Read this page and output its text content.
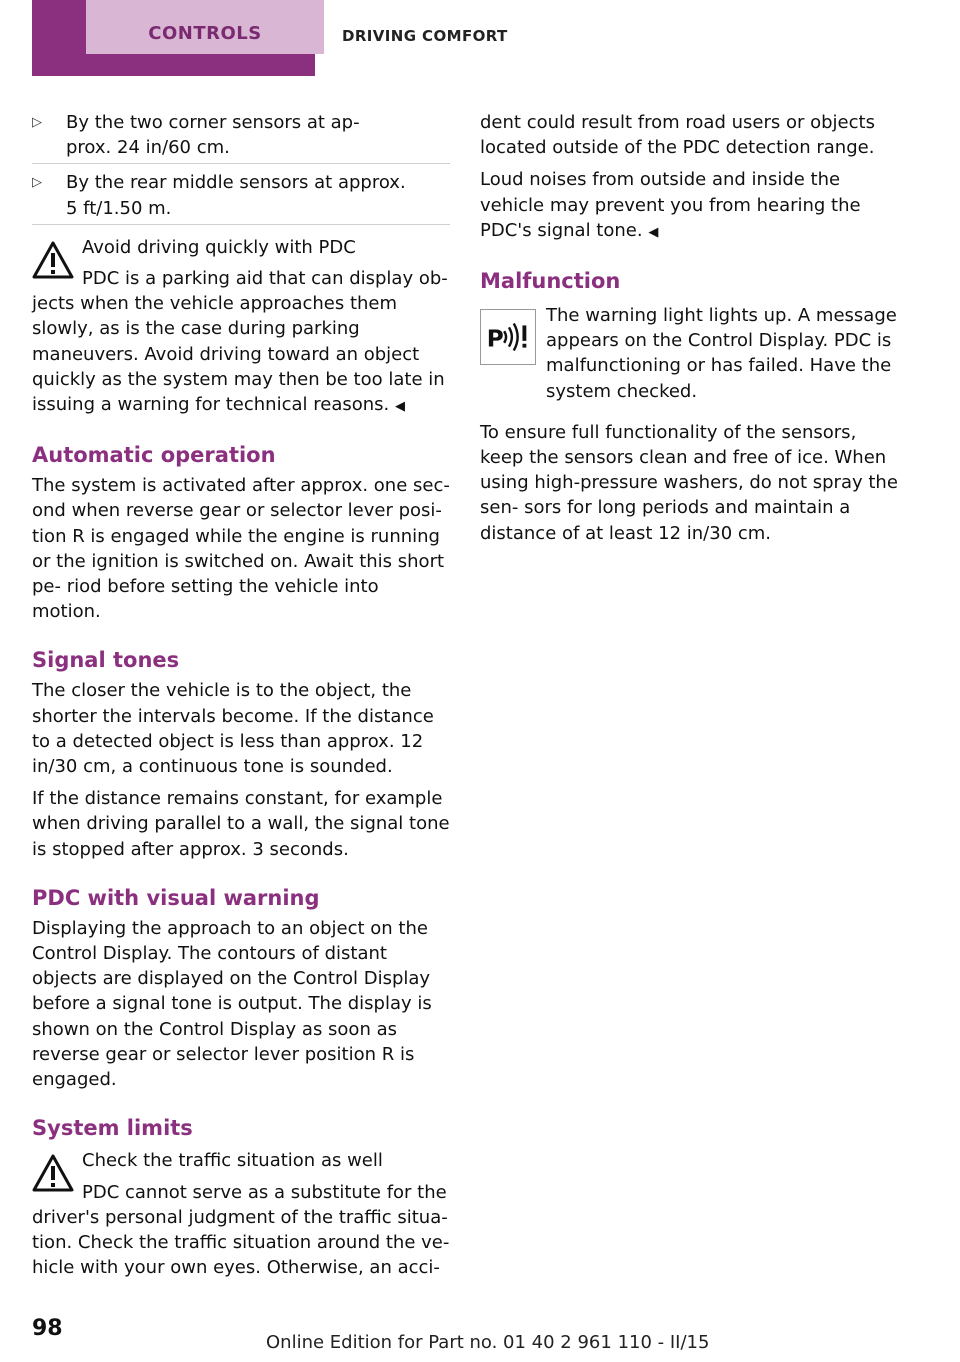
CONTROLS	DRIVING COMFORT
▷ By the two corner sensors at ap‐
prox. 24 in/60 cm.
▷ By the rear middle sensors at approx.
5 ft/1.50 m.
Avoid driving quickly with PDC
PDC is a parking aid that can display ob‐
jects when the vehicle approaches them slowly, as is the case during parking maneuvers. Avoid driving toward an object quickly as the system may then be too late in issuing a warning for technical reasons. ◀
Automatic operation

The system is activated after approx. one sec‐ ond when reverse gear or selector lever posi‐ tion R is engaged while the engine is running or the ignition is switched on. Await this short pe‐ riod before setting the vehicle into motion.

Signal tones

The closer the vehicle is to the object, the shorter the intervals become. If the distance to a detected object is less than approx. 12 in/30 cm, a continuous tone is sounded.

If the distance remains constant, for example when driving parallel to a wall, the signal tone is stopped after approx. 3 seconds.

PDC with visual warning

Displaying the approach to an object on the Control Display. The contours of distant objects are displayed on the Control Display before a signal tone is output. The display is shown on the Control Display as soon as reverse gear or selector lever position R is engaged.

System limits
Check the traffic situation as well
PDC cannot serve as a substitute for the
driver's personal judgment of the traffic situa‐ tion. Check the traffic situation around the ve‐ hicle with your own eyes. Otherwise, an acci‐

dent could result from road users or objects located outside of the PDC detection range.

Loud noises from outside and inside the vehicle may prevent you from hearing the PDC's signal tone. ◀

Malfunction
P
The warning light lights up. A message appears on the Control Display. PDC is malfunctioning or has failed. Have the system checked.

To ensure full functionality of the sensors, keep the sensors clean and free of ice. When using high-pressure washers, do not spray the sen‐ sors for long periods and maintain a distance of at least 12 in/30 cm.

98
Online Edition for Part no. 01 40 2 961 110 - II/15
